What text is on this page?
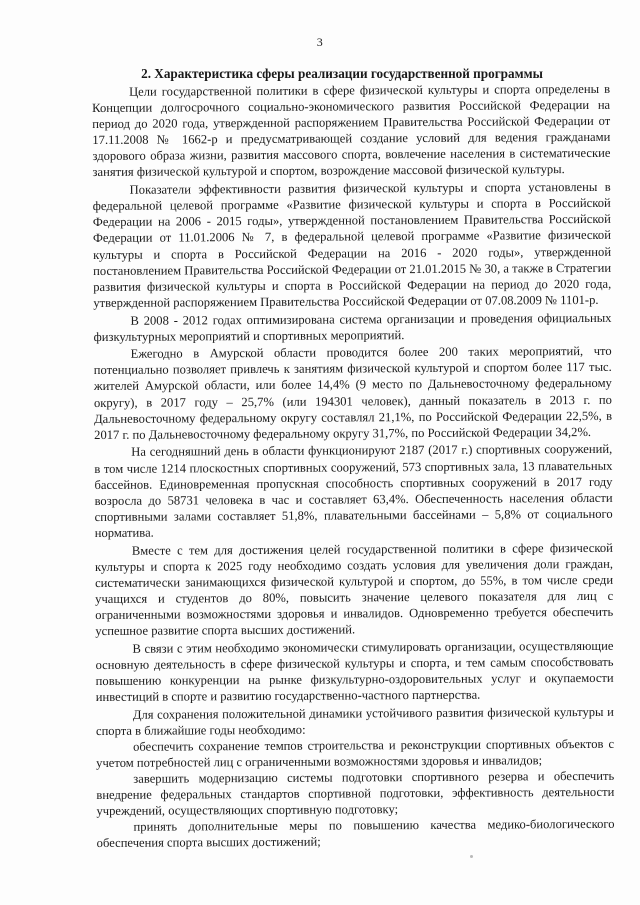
3
2. Характеристика сферы реализации государственной программы

Цели государственной политики в сфере физической культуры и спорта определены в Концепции долгосрочного социально-экономического развития Российской Федерации на период до 2020 года, утвержденной распоряжением Правительства Российской Федерации от 17.11.2008 № 1662-р и предусматривающей создание условий для ведения гражданами здорового образа жизни, развития массового спорта, вовлечение населения в систематические занятия физической культурой и спортом, возрождение массовой физической культуры.

Показатели эффективности развития физической культуры и спорта установлены в федеральной целевой программе «Развитие физической культуры и спорта в Российской Федерации на 2006 - 2015 годы», утвержденной постановлением Правительства Российской Федерации от 11.01.2006 № 7, в федеральной целевой программе «Развитие физической культуры и спорта в Российской Федерации на 2016 - 2020 годы», утвержденной постановлением Правительства Российской Федерации от 21.01.2015 № 30, а также в Стратегии развития физической культуры и спорта в Российской Федерации на период до 2020 года, утвержденной распоряжением Правительства Российской Федерации от 07.08.2009 № 1101-р.

В 2008 - 2012 годах оптимизирована система организации и проведения официальных физкультурных мероприятий и спортивных мероприятий.

Ежегодно в Амурской области проводится более 200 таких мероприятий, что потенциально позволяет привлечь к занятиям физической культурой и спортом более 117 тыс. жителей Амурской области, или более 14,4% (9 место по Дальневосточному федеральному округу), в 2017 году – 25,7% (или 194301 человек), данный показатель в 2013 г. по Дальневосточному федеральному округу составлял 21,1%, по Российской Федерации 22,5%, в 2017 г. по Дальневосточному федеральному округу 31,7%, по Российской Федерации 34,2%.

На сегодняшний день в области функционируют 2187 (2017 г.) спортивных сооружений, в том числе 1214 плоскостных спортивных сооружений, 573 спортивных зала, 13 плавательных бассейнов. Единовременная пропускная способность спортивных сооружений в 2017 году возросла до 58731 человека в час и составляет 63,4%. Обеспеченность населения области спортивными залами составляет 51,8%, плавательными бассейнами – 5,8% от социального норматива.

Вместе с тем для достижения целей государственной политики в сфере физической культуры и спорта к 2025 году необходимо создать условия для увеличения доли граждан, систематически занимающихся физической культурой и спортом, до 55%, в том числе среди учащихся и студентов до 80%, повысить значение целевого показателя для лиц с ограниченными возможностями здоровья и инвалидов. Одновременно требуется обеспечить успешное развитие спорта высших достижений.

В связи с этим необходимо экономически стимулировать организации, осуществляющие основную деятельность в сфере физической культуры и спорта, и тем самым способствовать повышению конкуренции на рынке физкультурно-оздоровительных услуг и окупаемости инвестиций в спорте и развитию государственно-частного партнерства.

Для сохранения положительной динамики устойчивого развития физической культуры и спорта в ближайшие годы необходимо:

обеспечить сохранение темпов строительства и реконструкции спортивных объектов с учетом потребностей лиц с ограниченными возможностями здоровья и инвалидов;

завершить модернизацию системы подготовки спортивного резерва и обеспечить внедрение федеральных стандартов спортивной подготовки, эффективность деятельности учреждений, осуществляющих спортивную подготовку;

принять дополнительные меры по повышению качества медико-биологического обеспечения спорта высших достижений;
